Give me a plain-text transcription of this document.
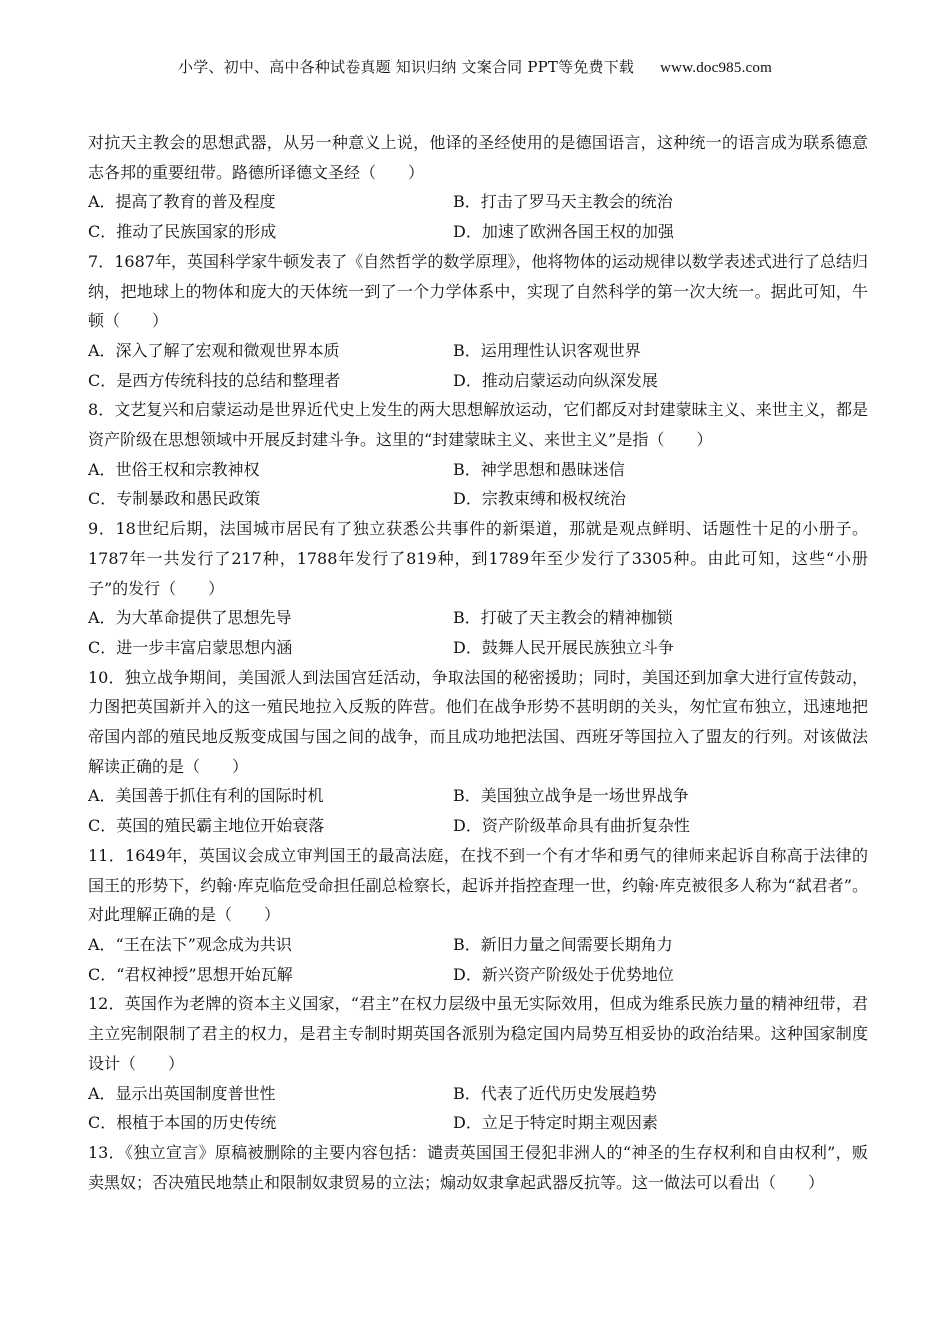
小学、初中、高中各种试卷真题 知识归纳 文案合同 PPT等免费下载 www.doc985.com

对抗天主教会的思想武器，从另一种意义上说，他译的圣经使用的是德国语言，这种统一的语言成为联系德意志各邦的重要纽带。路德所译德文圣经（　　）

A．提高了教育的普及程度	B．打击了罗马天主教会的统治
C．推动了民族国家的形成	D．加速了欧洲各国王权的加强

7．1687年，英国科学家牛顿发表了《自然哲学的数学原理》，他将物体的运动规律以数学表述式进行了总结归纳，把地球上的物体和庞大的天体统一到了一个力学体系中，实现了自然科学的第一次大统一。据此可知，牛顿（　　）

A．深入了解了宏观和微观世界本质	B．运用理性认识客观世界
C．是西方传统科技的总结和整理者	D．推动启蒙运动向纵深发展

8．文艺复兴和启蒙运动是世界近代史上发生的两大思想解放运动，它们都反对封建蒙昧主义、来世主义，都是资产阶级在思想领域中开展反封建斗争。这里的“封建蒙昧主义、来世主义”是指（　　）

A．世俗王权和宗教神权	B．神学思想和愚昧迷信
C．专制暴政和愚民政策	D．宗教束缚和极权统治

9．18世纪后期，法国城市居民有了独立获悉公共事件的新渠道，那就是观点鲜明、话题性十足的小册子。1787年一共发行了217种，1788年发行了819种，到1789年至少发行了3305种。由此可知，这些“小册子”的发行（　　）

A．为大革命提供了思想先导	B．打破了天主教会的精神枷锁
C．进一步丰富启蒙思想内涵	D．鼓舞人民开展民族独立斗争

10．独立战争期间，美国派人到法国宫廷活动，争取法国的秘密援助；同时，美国还到加拿大进行宣传鼓动，力图把英国新并入的这一殖民地拉入反叛的阵营。他们在战争形势不甚明朗的关头，匆忙宣布独立，迅速地把帝国内部的殖民地反叛变成国与国之间的战争，而且成功地把法国、西班牙等国拉入了盟友的行列。对该做法解读正确的是（　　）

A．美国善于抓住有利的国际时机	B．美国独立战争是一场世界战争
C．英国的殖民霸主地位开始衰落	D．资产阶级革命具有曲折复杂性

11．1649年，英国议会成立审判国王的最高法庭，在找不到一个有才华和勇气的律师来起诉自称高于法律的国王的形势下，约翰·库克临危受命担任副总检察长，起诉并指控查理一世，约翰·库克被很多人称为“弑君者”。对此理解正确的是（　　）

A．“王在法下”观念成为共识	B．新旧力量之间需要长期角力
C．“君权神授”思想开始瓦解	D．新兴资产阶级处于优势地位

12．英国作为老牌的资本主义国家，“君主”在权力层级中虽无实际效用，但成为维系民族力量的精神纽带，君主立宪制限制了君主的权力，是君主专制时期英国各派别为稳定国内局势互相妥协的政治结果。这种国家制度设计（　　）

A．显示出英国制度普世性	B．代表了近代历史发展趋势
C．根植于本国的历史传统	D．立足于特定时期主观因素

13．《独立宣言》原稿被删除的主要内容包括：谴责英国国王侵犯非洲人的“神圣的生存权利和自由权利”，贩卖黑奴；否决殖民地禁止和限制奴隶贸易的立法；煽动奴隶拿起武器反抗等。这一做法可以看出（　　）
